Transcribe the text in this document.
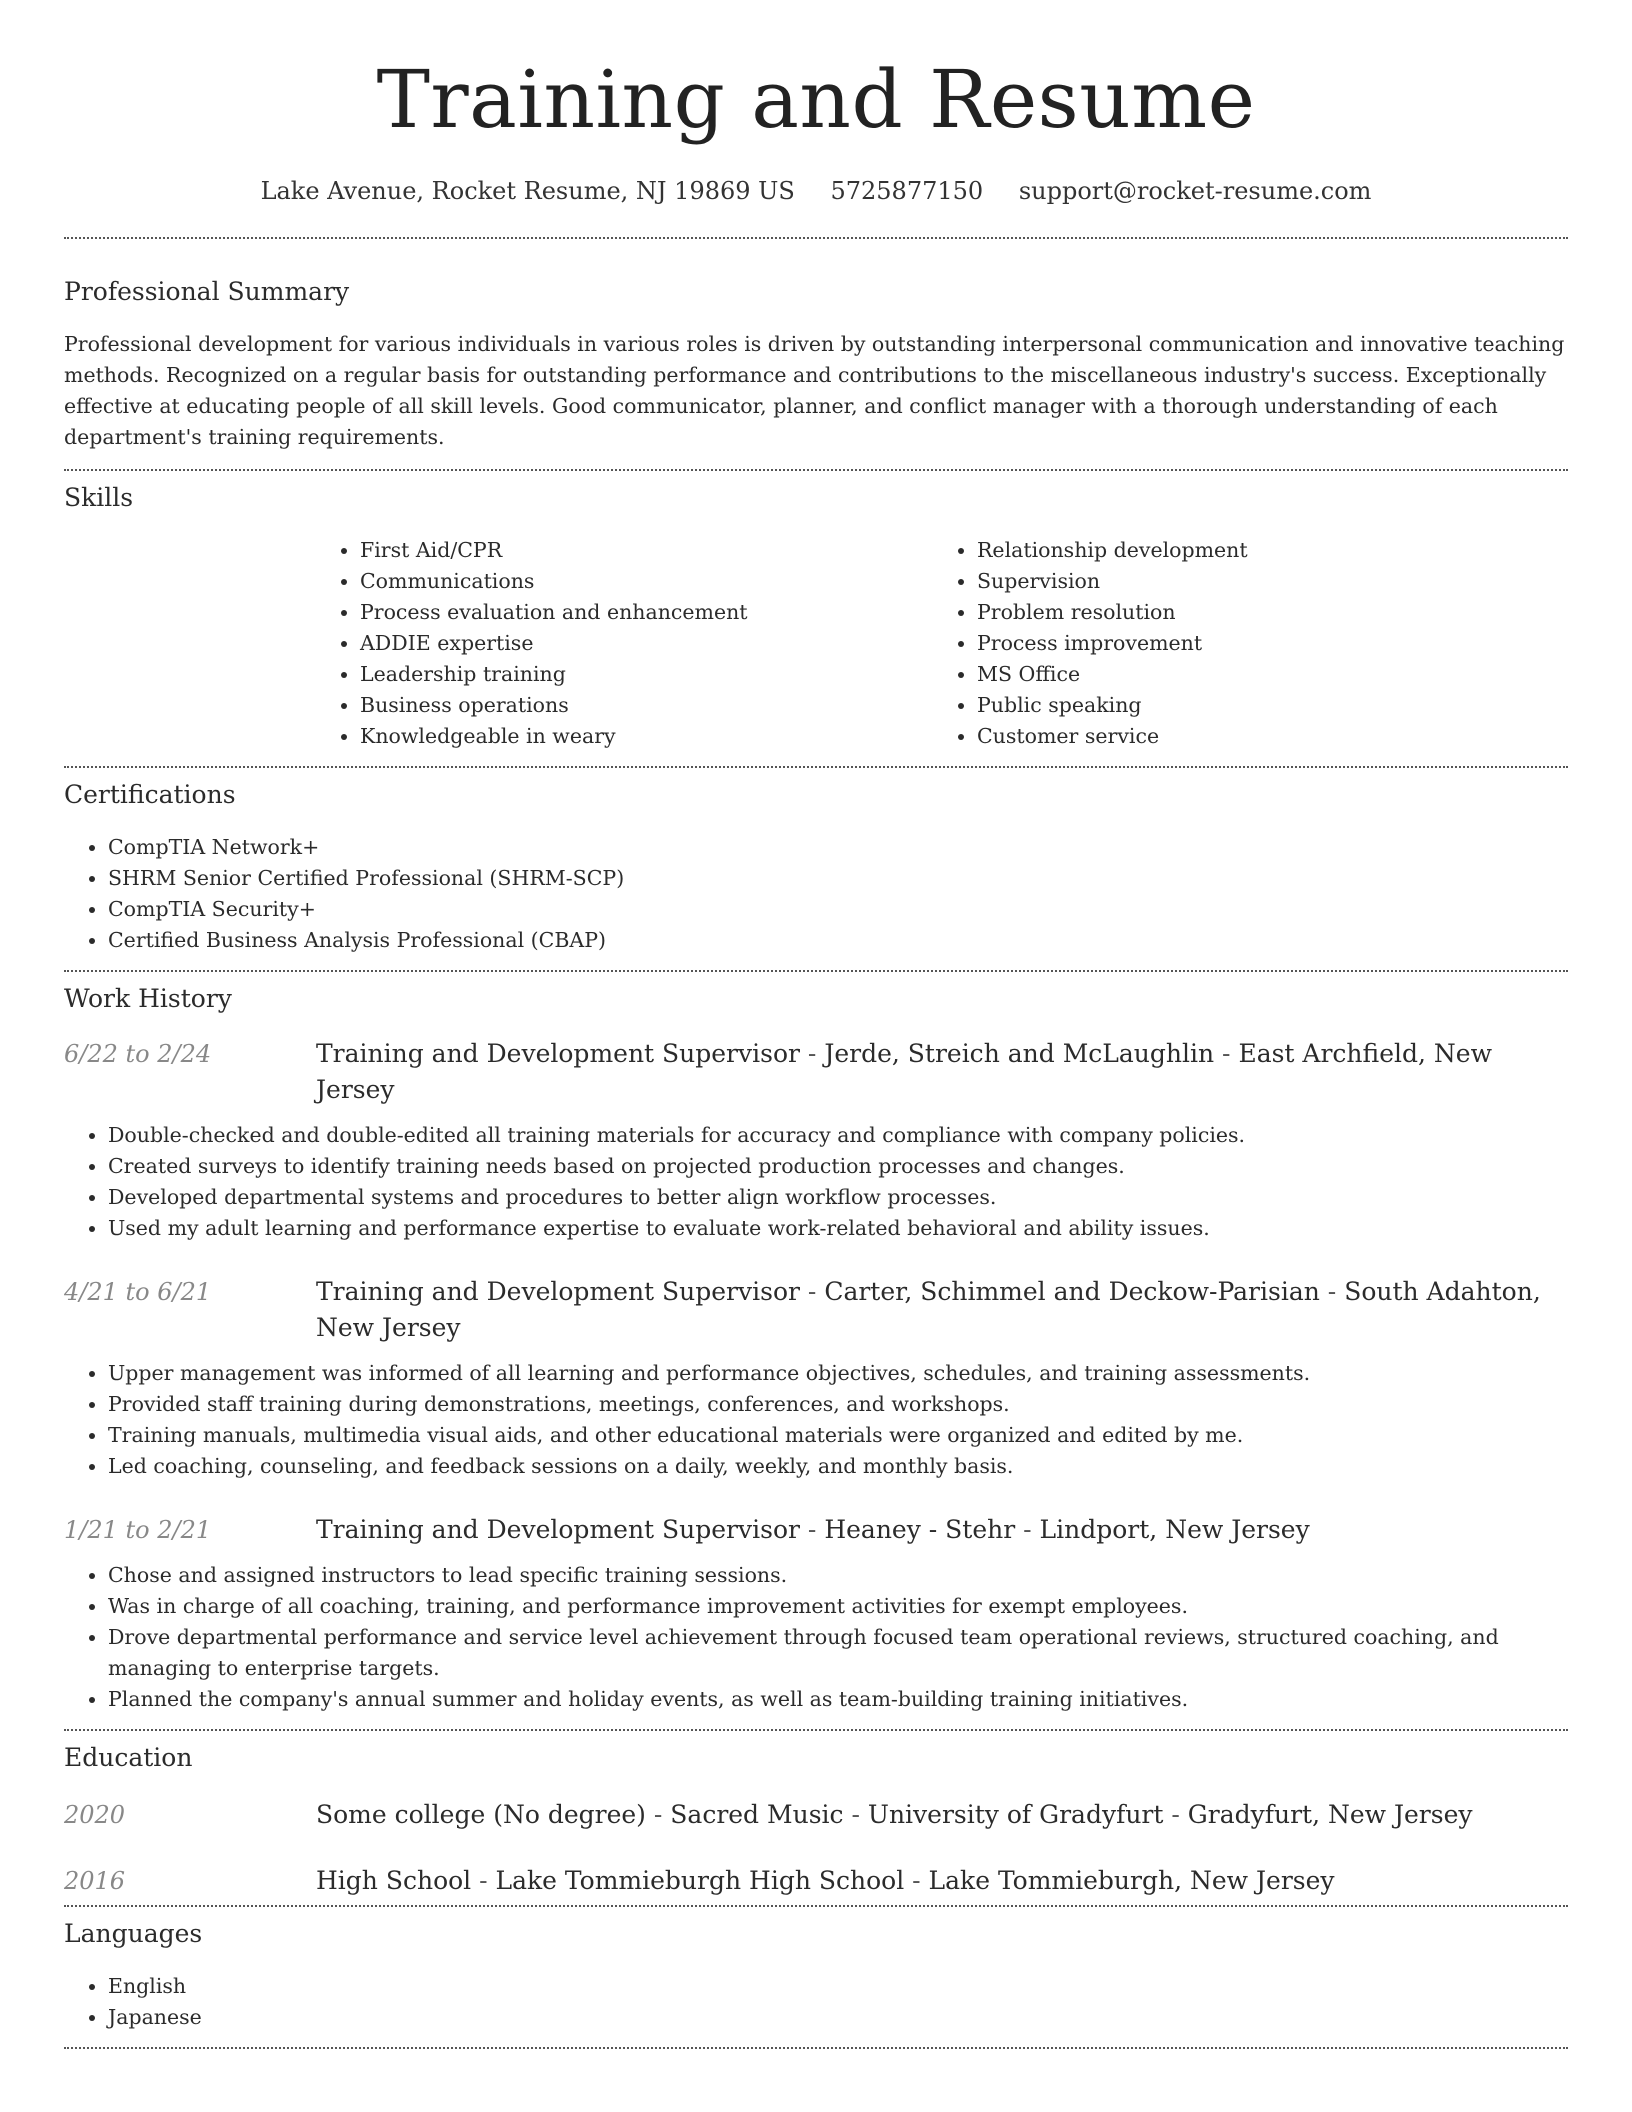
Training and Resume
Lake Avenue, Rocket Resume, NJ 19869 US 5725877150 support@rocket-resume.com
Professional Summary

Professional development for various individuals in various roles is driven by outstanding interpersonal communication and innovative teaching methods. Recognized on a regular basis for outstanding performance and contributions to the miscellaneous industry's success. Exceptionally effective at educating people of all skill levels. Good communicator, planner, and conflict manager with a thorough understanding of each department's training requirements.

Skills
• First Aid/CPR
• Communications
• Process evaluation and enhancement
• ADDIE expertise
• Leadership training
• Business operations
• Knowledgeable in weary
• Relationship development
• Supervision
• Problem resolution
• Process improvement
• MS Office
• Public speaking
• Customer service
Certifications
• CompTIA Network+
• SHRM Senior Certified Professional (SHRM-SCP)
• CompTIA Security+
• Certified Business Analysis Professional (CBAP)
Work History
6/22 to 2/24	Training and Development Supervisor - Jerde, Streich and McLaughlin - East Archfield, New Jersey
• Double-checked and double-edited all training materials for accuracy and compliance with company policies.
• Created surveys to identify training needs based on projected production processes and changes.
• Developed departmental systems and procedures to better align workflow processes.
• Used my adult learning and performance expertise to evaluate work-related behavioral and ability issues.
4/21 to 6/21	Training and Development Supervisor - Carter, Schimmel and Deckow-Parisian - South Adahton, New Jersey
• Upper management was informed of all learning and performance objectives, schedules, and training assessments.
• Provided staff training during demonstrations, meetings, conferences, and workshops.
• Training manuals, multimedia visual aids, and other educational materials were organized and edited by me.
• Led coaching, counseling, and feedback sessions on a daily, weekly, and monthly basis.
1/21 to 2/21	Training and Development Supervisor - Heaney - Stehr - Lindport, New Jersey
• Chose and assigned instructors to lead specific training sessions.
• Was in charge of all coaching, training, and performance improvement activities for exempt employees.
• Drove departmental performance and service level achievement through focused team operational reviews, structured coaching, and managing to enterprise targets.
• Planned the company's annual summer and holiday events, as well as team-building training initiatives.
Education
2020	Some college (No degree) - Sacred Music - University of Gradyfurt - Gradyfurt, New Jersey
2016	High School - Lake Tommieburgh High School - Lake Tommieburgh, New Jersey
Languages
• English
• Japanese
